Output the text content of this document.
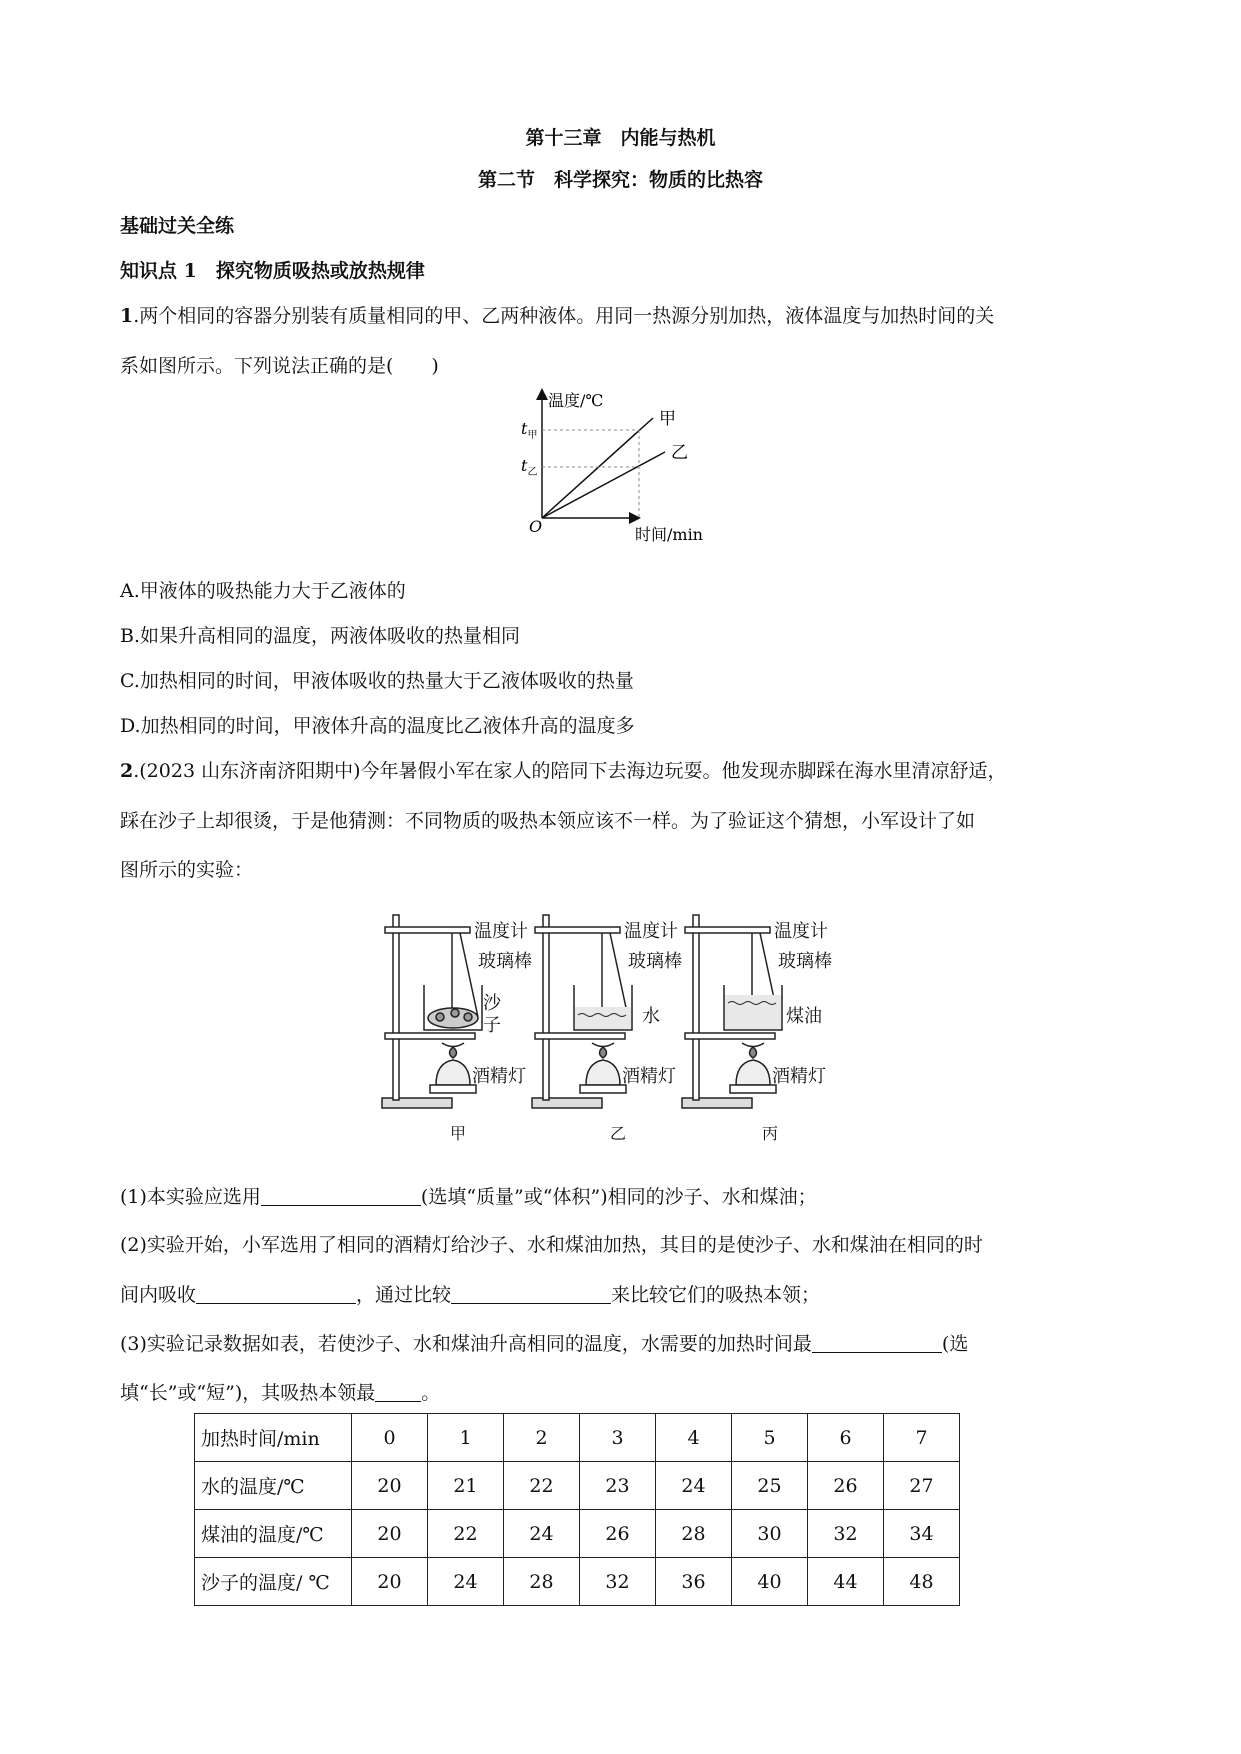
第十三章　内能与热机
第二节　科学探究：物质的比热容
基础过关全练
知识点 1　探究物质吸热或放热规律
1.两个相同的容器分别装有质量相同的甲、乙两种液体。用同一热源分别加热，液体温度与加热时间的关
系如图所示。下列说法正确的是(　　)
温度/℃
时间/min
O
$t_甲$
$t_乙$
甲
乙
A.甲液体的吸热能力大于乙液体的
B.如果升高相同的温度，两液体吸收的热量相同
C.加热相同的时间，甲液体吸收的热量大于乙液体吸收的热量
D.加热相同的时间，甲液体升高的温度比乙液体升高的温度多
2.(2023 山东济南济阳期中)今年暑假小军在家人的陪同下去海边玩耍。他发现赤脚踩在海水里清凉舒适，
踩在沙子上却很烫，于是他猜测：不同物质的吸热本领应该不一样。为了验证这个猜想，小军设计了如
图所示的实验：
温度计
玻璃棒
沙
子
酒精灯
温度计
玻璃棒
水
酒精灯
温度计
玻璃棒
煤油
酒精灯
甲	乙	丙
(1)本实验应选用	(选填“质量”或“体积”)相同的沙子、水和煤油；
(2)实验开始，小军选用了相同的酒精灯给沙子、水和煤油加热，其目的是使沙子、水和煤油在相同的时
间内吸收	，通过比较	来比较它们的吸热本领；
(3)实验记录数据如表，若使沙子、水和煤油升高相同的温度，水需要的加热时间最	(选
填“长”或“短”)，其吸热本领最 。
加热时间/min	0	1	2	3	4	5	6	7
水的温度/℃	20	21	22	23	24	25	26	27
煤油的温度/℃	20	22	24	26	28	30	32	34
沙子的温度/ ℃	20	24	28	32	36	40	44	48
